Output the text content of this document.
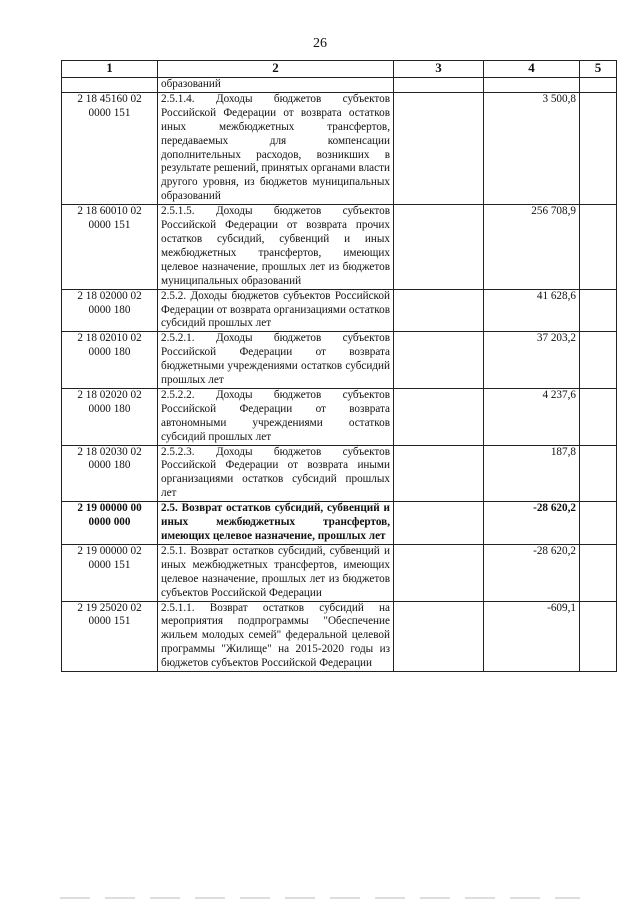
26
1	2	3	4	5
	образований			
2 18 45160 02 0000 151	2.5.1.4. Доходы бюджетов субъектов Российской Федерации от возврата остатков иных межбюджетных трансфертов, передаваемых для компенсации дополнительных расходов, возникших в результате решений, принятых органами власти другого уровня, из бюджетов муниципальных образований		3 500,8	
2 18 60010 02 0000 151	2.5.1.5. Доходы бюджетов субъектов Российской Федерации от возврата прочих остатков субсидий, субвенций и иных межбюджетных трансфертов, имеющих целевое назначение, прошлых лет из бюджетов муниципальных образований		256 708,9	
2 18 02000 02 0000 180	2.5.2. Доходы бюджетов субъектов Российской Федерации от возврата организациями остатков субсидий прошлых лет		41 628,6	
2 18 02010 02 0000 180	2.5.2.1. Доходы бюджетов субъектов Российской Федерации от возврата бюджетными учреждениями остатков субсидий прошлых лет		37 203,2	
2 18 02020 02 0000 180	2.5.2.2. Доходы бюджетов субъектов Российской Федерации от возврата автономными учреждениями остатков субсидий прошлых лет		4 237,6	
2 18 02030 02 0000 180	2.5.2.3. Доходы бюджетов субъектов Российской Федерации от возврата иными организациями остатков субсидий прошлых лет		187,8	
2 19 00000 00 0000 000	2.5. Возврат остатков субсидий, субвенций и иных межбюджетных трансфертов, имеющих целевое назначение, прошлых лет		-28 620,2	
2 19 00000 02 0000 151	2.5.1. Возврат остатков субсидий, субвенций и иных межбюджетных трансфертов, имеющих целевое назначение, прошлых лет из бюджетов субъектов Российской Федерации		-28 620,2	
2 19 25020 02 0000 151	2.5.1.1. Возврат остатков субсидий на мероприятия подпрограммы "Обеспечение жильем молодых семей" федеральной целевой программы "Жилище" на 2015-2020 годы из бюджетов субъектов Российской Федерации		-609,1	
